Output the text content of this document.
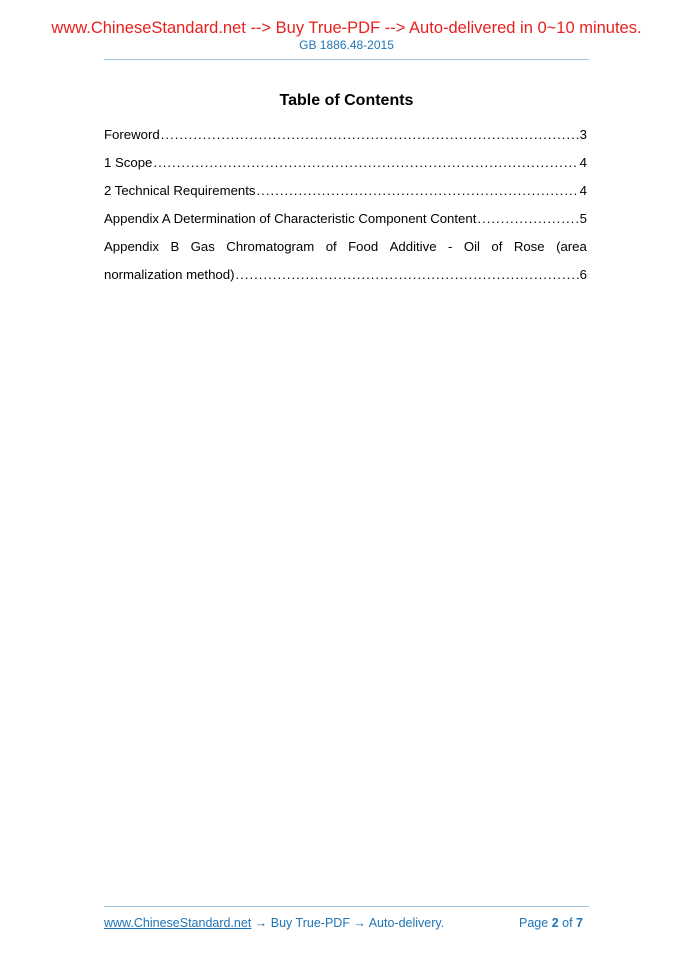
www.ChineseStandard.net --> Buy True-PDF --> Auto-delivered in 0~10 minutes.
GB 1886.48-2015
Table of Contents
Foreword .....	3
1 Scope .....	4
2 Technical Requirements .....	4
Appendix A Determination of Characteristic Component Content .....	5
Appendix B Gas Chromatogram of Food Additive - Oil of Rose (area
normalization method) .....	6
www.ChineseStandard.net → Buy True-PDF → Auto-delivery.	Page 2 of 7
